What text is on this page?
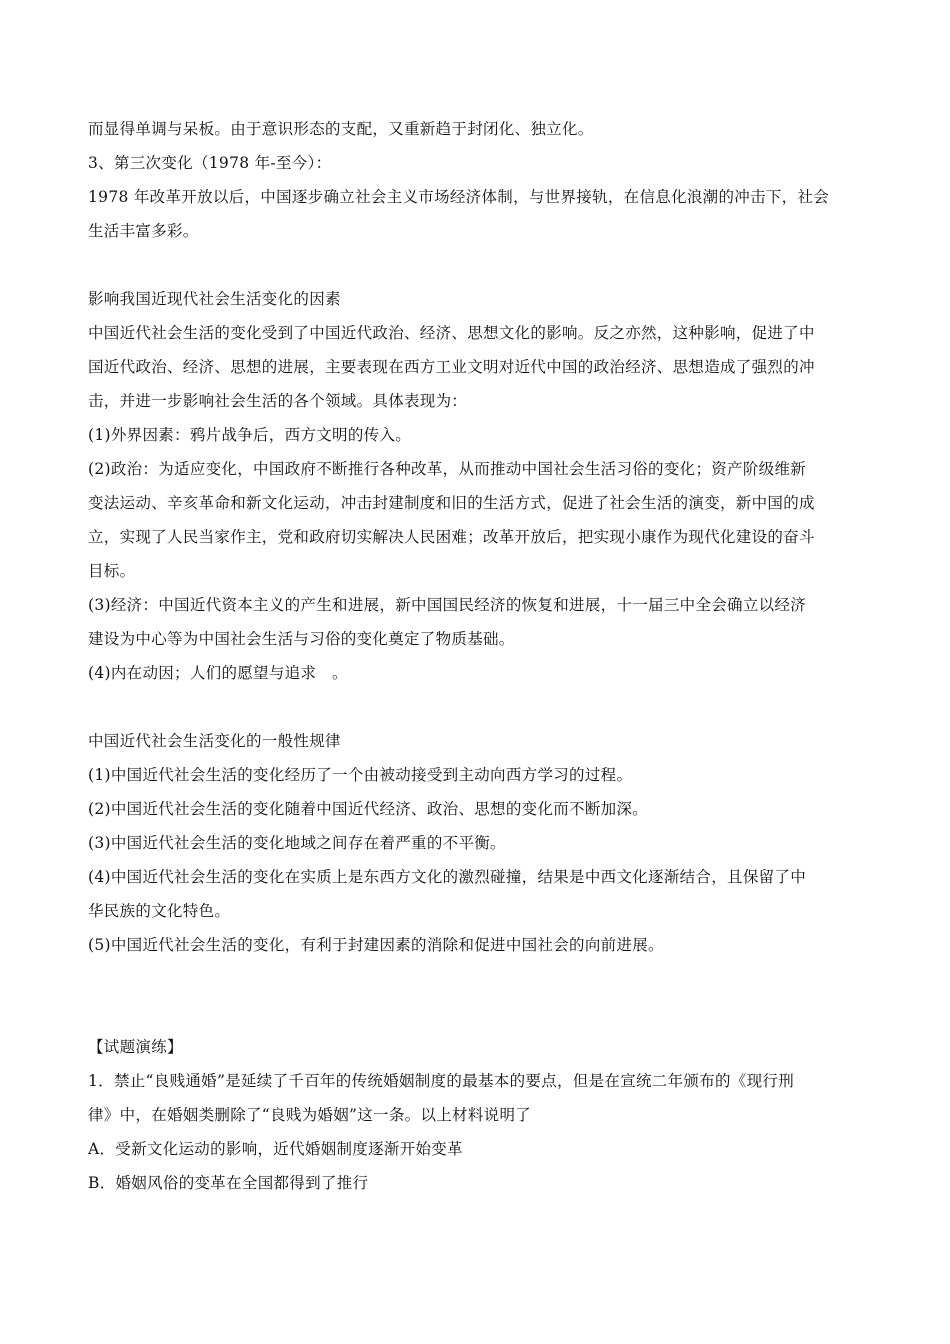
而显得单调与呆板。由于意识形态的支配，又重新趋于封闭化、独立化。
3、第三次变化（1978 年-至今）：
1978 年改革开放以后，中国逐步确立社会主义市场经济体制，与世界接轨，在信息化浪潮的冲击下，社会
生活丰富多彩。
影响我国近现代社会生活变化的因素
中国近代社会生活的变化受到了中国近代政治、经济、思想文化的影响。反之亦然，这种影响，促进了中
国近代政治、经济、思想的进展，主要表现在西方工业文明对近代中国的政治经济、思想造成了强烈的冲
击，并进一步影响社会生活的各个领域。具体表现为：
(1)外界因素：鸦片战争后，西方文明的传入。
(2)政治：为适应变化，中国政府不断推行各种改革，从而推动中国社会生活习俗的变化；资产阶级维新
变法运动、辛亥革命和新文化运动，冲击封建制度和旧的生活方式，促进了社会生活的演变，新中国的成
立，实现了人民当家作主，党和政府切实解决人民困难；改革开放后，把实现小康作为现代化建设的奋斗
目标。
(3)经济：中国近代资本主义的产生和进展，新中国国民经济的恢复和进展，十一届三中全会确立以经济
建设为中心等为中国社会生活与习俗的变化奠定了物质基础。
(4)内在动因；人们的愿望与追求　。
中国近代社会生活变化的一般性规律
(1)中国近代社会生活的变化经历了一个由被动接受到主动向西方学习的过程。
(2)中国近代社会生活的变化随着中国近代经济、政治、思想的变化而不断加深。
(3)中国近代社会生活的变化地域之间存在着严重的不平衡。
(4)中国近代社会生活的变化在实质上是东西方文化的激烈碰撞，结果是中西文化逐渐结合，且保留了中
华民族的文化特色。
(5)中国近代社会生活的变化，有利于封建因素的消除和促进中国社会的向前进展。
【试题演练】
1．禁止“良贱通婚”是延续了千百年的传统婚姻制度的最基本的要点，但是在宣统二年颁布的《现行刑
律》中，在婚姻类删除了“良贱为婚姻”这一条。以上材料说明了
A．受新文化运动的影响，近代婚姻制度逐渐开始变革
B．婚姻风俗的变革在全国都得到了推行
